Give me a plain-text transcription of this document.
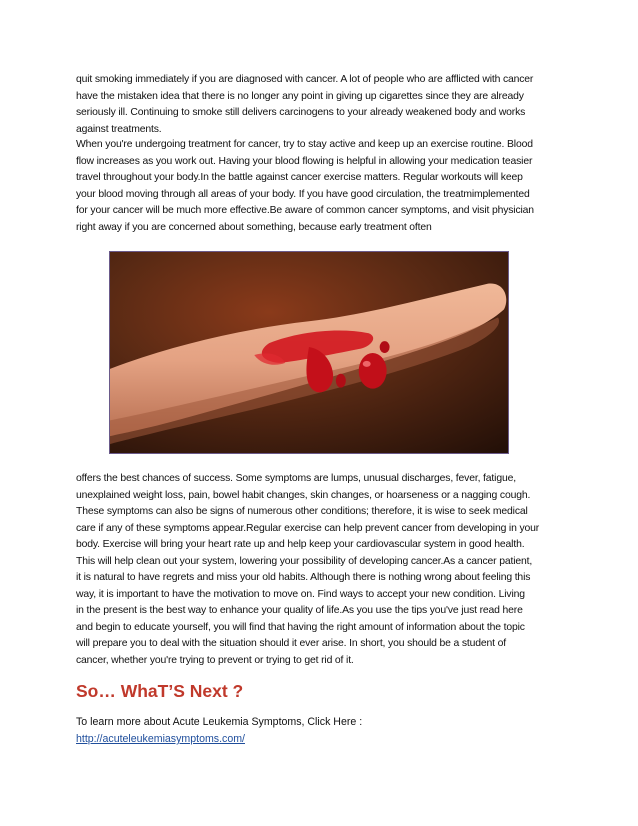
quit smoking immediately if you are diagnosed with cancer. A lot of people who are afflicted with cancer
have the mistaken idea that there is no longer any point in giving up cigarettes since they are already
seriously ill. Continuing to smoke still delivers carcinogens to your already weakened body and works
against treatments.

When you're undergoing treatment for cancer, try to stay active and keep up an exercise routine. Blood
flow increases as you work out. Having your blood flowing is helpful in allowing your medication teasier
travel throughout your body.In the battle against cancer exercise matters. Regular workouts will keep
your blood moving through all areas of your body. If you have good circulation, the treatmimplemented
for your cancer will be much more effective.Be aware of common cancer symptoms, and visit physician
right away if you are concerned about something, because early treatment often

offers the best chances of success. Some symptoms are lumps, unusual discharges, fever, fatigue,
unexplained weight loss, pain, bowel habit changes, skin changes, or hoarseness or a nagging cough.
These symptoms can also be signs of numerous other conditions; therefore, it is wise to seek medical
care if any of these symptoms appear.Regular exercise can help prevent cancer from developing in your
body. Exercise will bring your heart rate up and help keep your cardiovascular system in good health.
This will help clean out your system, lowering your possibility of developing cancer.As a cancer patient,

it is natural to have regrets and miss your old habits. Although there is nothing wrong about feeling this
way, it is important to have the motivation to move on. Find ways to accept your new condition. Living
in the present is the best way to enhance your quality of life.As you use the tips you've just read here
and begin to educate yourself, you will find that having the right amount of information about the topic
will prepare you to deal with the situation should it ever arise. In short, you should be a student of
cancer, whether you're trying to prevent or trying to get rid of it.

So… WhaT’S Next ?

To learn more about Acute Leukemia Symptoms, Click Here :

http://acuteleukemiasymptoms.com/
